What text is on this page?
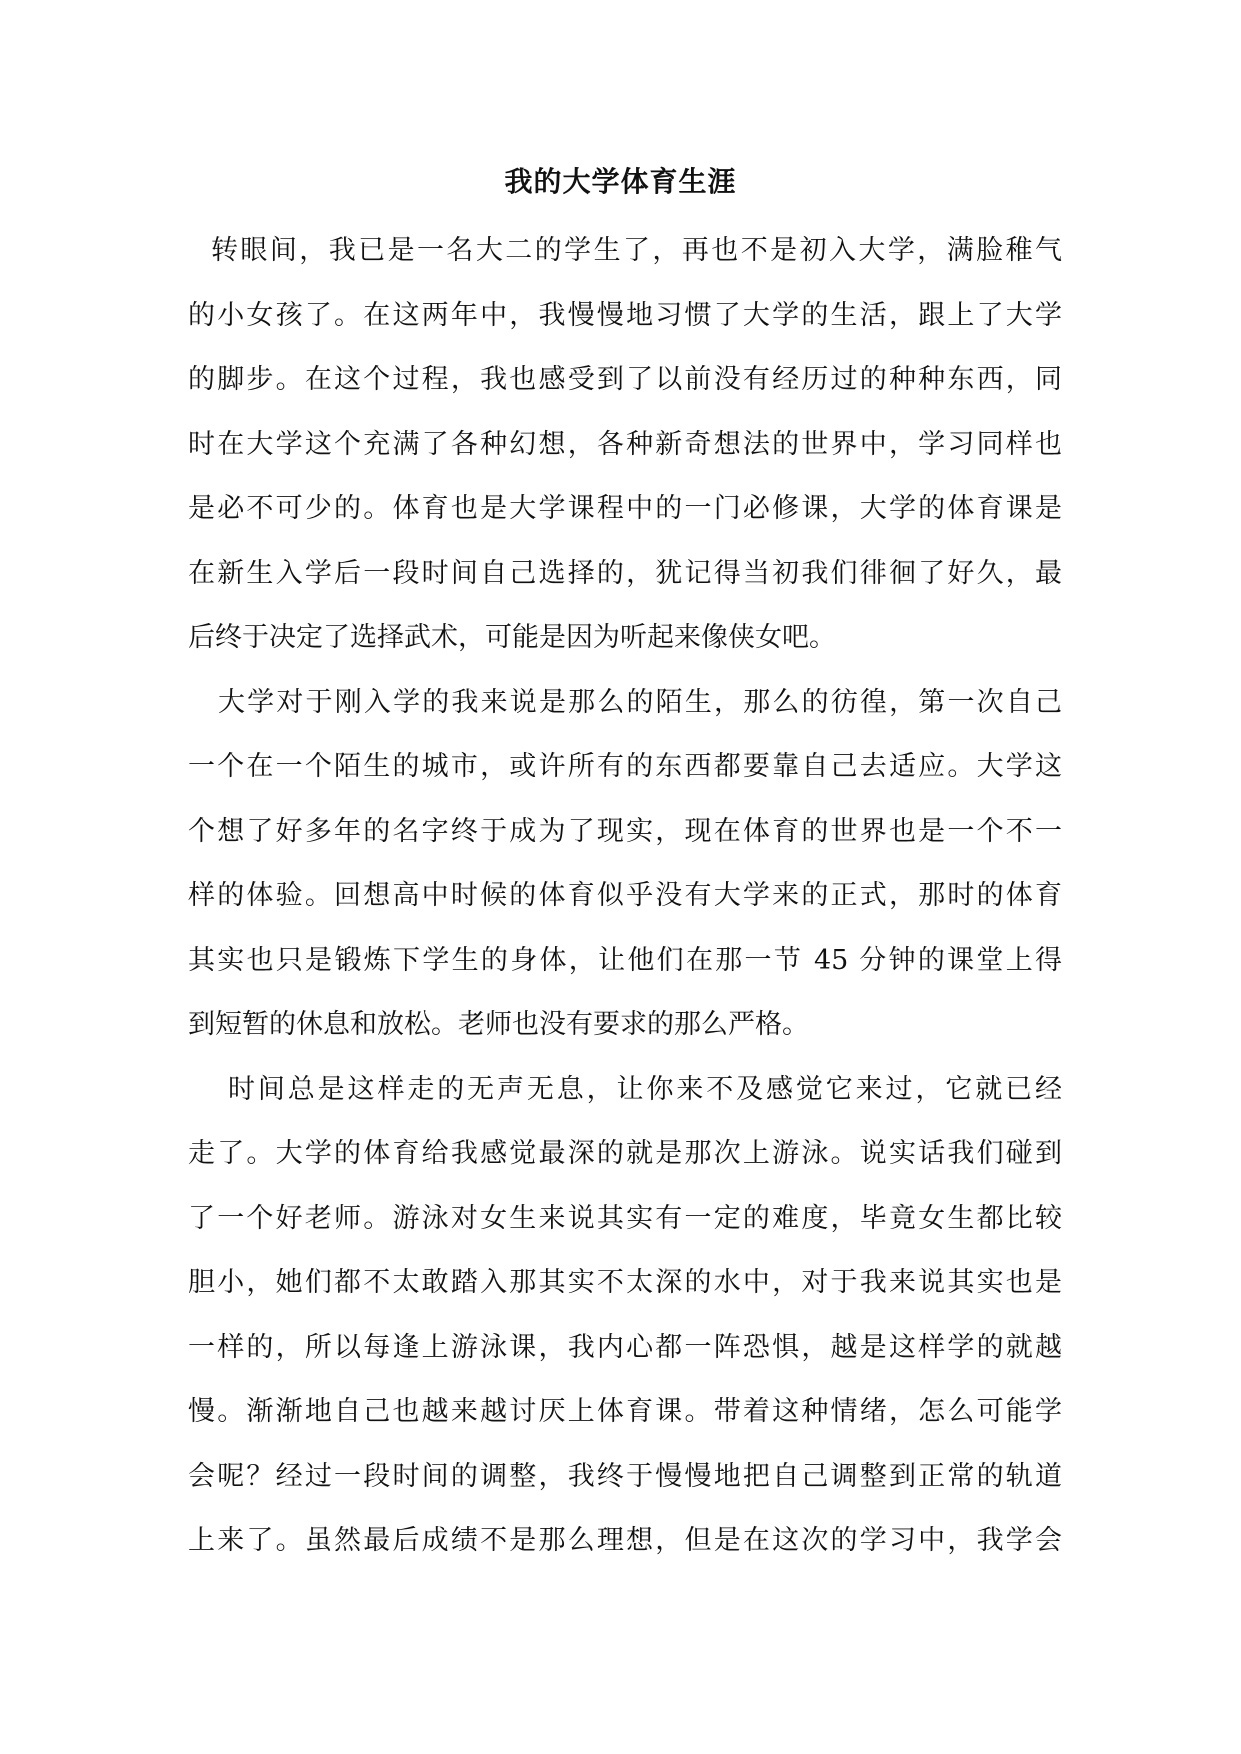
我的大学体育生涯
转眼间，我已是一名大二的学生了，再也不是初入大学，满脸稚气
的小女孩了。在这两年中，我慢慢地习惯了大学的生活，跟上了大学
的脚步。在这个过程，我也感受到了以前没有经历过的种种东西，同
时在大学这个充满了各种幻想，各种新奇想法的世界中，学习同样也
是必不可少的。体育也是大学课程中的一门必修课，大学的体育课是
在新生入学后一段时间自己选择的，犹记得当初我们徘徊了好久，最
后终于决定了选择武术，可能是因为听起来像侠女吧。
大学对于刚入学的我来说是那么的陌生，那么的彷徨，第一次自己
一个在一个陌生的城市，或许所有的东西都要靠自己去适应。大学这
个想了好多年的名字终于成为了现实，现在体育的世界也是一个不一
样的体验。回想高中时候的体育似乎没有大学来的正式，那时的体育
其实也只是锻炼下学生的身体，让他们在那一节 45 分钟的课堂上得
到短暂的休息和放松。老师也没有要求的那么严格。
时间总是这样走的无声无息，让你来不及感觉它来过，它就已经
走了。大学的体育给我感觉最深的就是那次上游泳。说实话我们碰到
了一个好老师。游泳对女生来说其实有一定的难度，毕竟女生都比较
胆小，她们都不太敢踏入那其实不太深的水中，对于我来说其实也是
一样的，所以每逢上游泳课，我内心都一阵恐惧，越是这样学的就越
慢。渐渐地自己也越来越讨厌上体育课。带着这种情绪，怎么可能学
会呢？经过一段时间的调整，我终于慢慢地把自己调整到正常的轨道
上来了。虽然最后成绩不是那么理想，但是在这次的学习中，我学会
